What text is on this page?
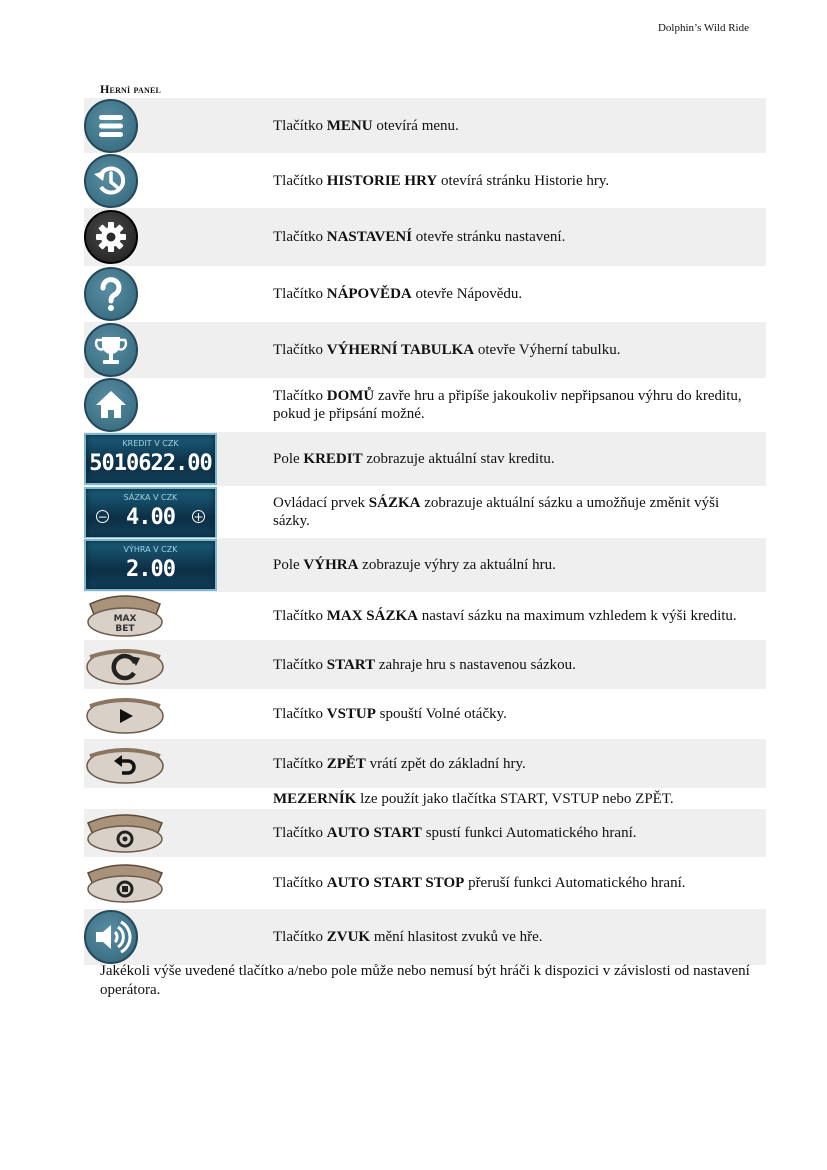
Dolphin’s Wild Ride
Herní panel
Tlačítko MENU otevírá menu.
Tlačítko HISTORIE HRY otevírá stránku Historie hry.
Tlačítko NASTAVENÍ otevře stránku nastavení.
Tlačítko NÁPOVĚDA otevře Nápovědu.
Tlačítko VÝHERNÍ TABULKA otevře Výherní tabulku.
Tlačítko DOMŮ zavře hru a připíše jakoukoliv nepřipsanou výhru do kreditu, pokud je připsání možné.
KREDIT V CZK
5010622.00	Pole KREDIT zobrazuje aktuální stav kreditu.
SÁZKA V CZK
− 4.00	+
Ovládací prvek SÁZKA zobrazuje aktuální sázku a umožňuje změnit výši sázky.
VÝHRA V CZK
2.00	Pole VÝHRA zobrazuje výhry za aktuální hru.
MAX
BET
Tlačítko MAX SÁZKA nastaví sázku na maximum vzhledem k výši kreditu.
Tlačítko START zahraje hru s nastavenou sázkou.
Tlačítko VSTUP spouští Volné otáčky.
Tlačítko ZPĚT vrátí zpět do základní hry.
MEZERNÍK lze použít jako tlačítka START, VSTUP nebo ZPĚT.
Tlačítko AUTO START spustí funkci Automatického hraní.
Tlačítko AUTO START STOP přeruší funkci Automatického hraní.
Tlačítko ZVUK mění hlasitost zvuků ve hře.
Jakékoli výše uvedené tlačítko a/nebo pole může nebo nemusí být hráči k dispozici v závislosti od nastavení operátora.
